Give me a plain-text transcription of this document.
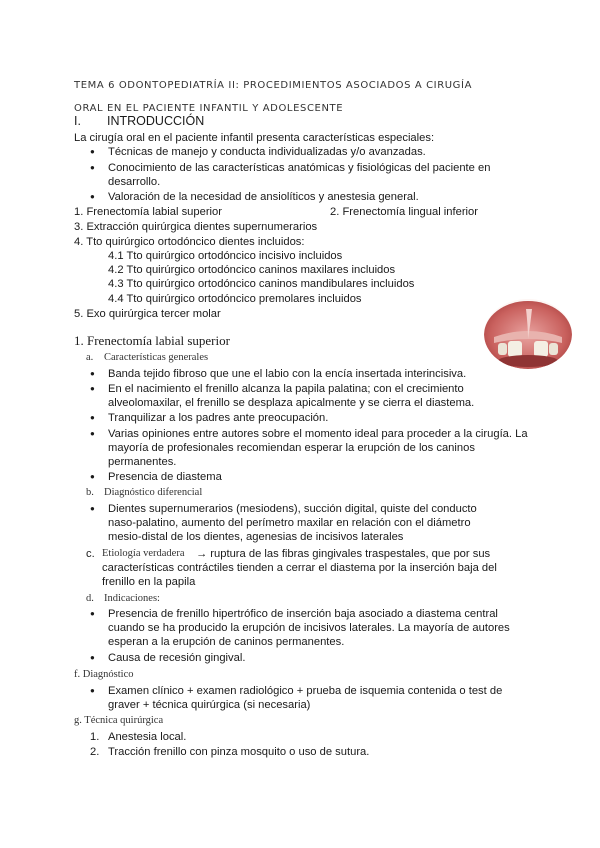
TEMA 6 ODONTOPEDIATRÍA II: PROCEDIMIENTOS ASOCIADOS A CIRUGÍA ORAL EN EL PACIENTE INFANTIL Y ADOLESCENTE
I. INTRODUCCIÓN
La cirugía oral en el paciente infantil presenta características especiales:
● Técnicas de manejo y conducta individualizadas y/o avanzadas.
● Conocimiento de las características anatómicas y fisiológicas del paciente en
desarrollo.
● Valoración de la necesidad de ansiolíticos y anestesia general.
1. Frenectomía labial superior	2. Frenectomía lingual inferior
3. Extracción quirúrgica dientes supernumerarios
4. Tto quirúrgico ortodóncico dientes incluidos:
4.1 Tto quirúrgico ortodóncico incisivo incluidos
4.2 Tto quirúrgico ortodóncico caninos maxilares incluidos
4.3 Tto quirúrgico ortodóncico caninos mandibulares incluidos
4.4 Tto quirúrgico ortodóncico premolares incluidos
5. Exo quirúrgica tercer molar
1. Frenectomía labial superior
a. Características generales
● Banda tejido fibroso que une el labio con la encía insertada interincisiva.
● En el nacimiento el frenillo alcanza la papila palatina; con el crecimiento
alveolomaxilar, el frenillo se desplaza apicalmente y se cierra el diastema.
● Tranquilizar a los padres ante preocupación.
● Varias opiniones entre autores sobre el momento ideal para proceder a la cirugía. La
mayoría de profesionales recomiendan esperar la erupción de los caninos
permanentes.
● Presencia de diastema
b. Diagnóstico diferencial
● Dientes supernumerarios (mesiodens), succión digital, quiste del conducto
naso-palatino, aumento del perímetro maxilar en relación con el diámetro
mesio-distal de los dientes, agenesias de incisivos laterales
c. Etiología verdadera → ruptura de las fibras gingivales traspestales, que por sus
características contráctiles tienden a cerrar el diastema por la inserción baja del
frenillo en la papila
d. Indicaciones:
● Presencia de frenillo hipertrófico de inserción baja asociado a diastema central
cuando se ha producido la erupción de incisivos laterales. La mayoría de autores
esperan a la erupción de caninos permanentes.
● Causa de recesión gingival.
f. Diagnóstico
● Examen clínico + examen radiológico + prueba de isquemia contenida o test de
graver + técnica quirúrgica (si necesaria)
g. Técnica quirúrgica
1. Anestesia local.
2. Tracción frenillo con pinza mosquito o uso de sutura.
